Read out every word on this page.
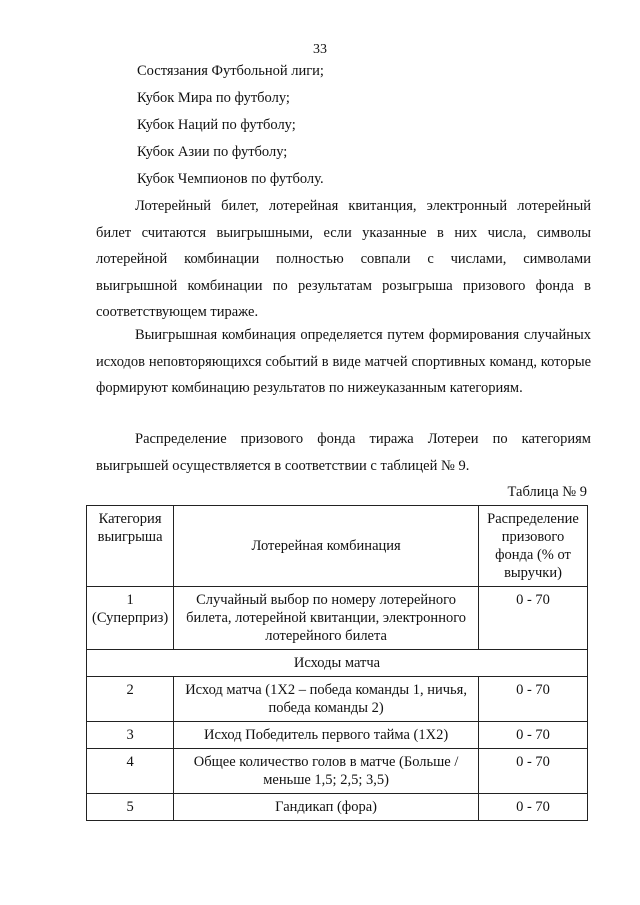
33
Состязания Футбольной лиги;
Кубок Мира по футболу;
Кубок Наций по футболу;
Кубок Азии по футболу;
Кубок Чемпионов по футболу.
Лотерейный билет, лотерейная квитанция, электронный лотерейный билет считаются выигрышными, если указанные в них числа, символы лотерейной комбинации полностью совпали с числами, символами выигрышной комбинации по результатам розыгрыша призового фонда в соответствующем тираже.
Выигрышная комбинация определяется путем формирования случайных исходов неповторяющихся событий в виде матчей спортивных команд, которые формируют комбинацию результатов по нижеуказанным категориям.
Распределение призового фонда тиража Лотереи по категориям выигрышей осуществляется в соответствии с таблицей № 9.
Таблица № 9
Категория выигрыша	Лотерейная комбинация	Распределение призового фонда (% от выручки)
1 (Суперприз)	Случайный выбор по номеру лотерейного билета, лотерейной квитанции, электронного лотерейного билета	0 - 70
Исходы матча		
2	Исход матча (1X2 – победа команды 1, ничья, победа команды 2)	0 - 70
3	Исход Победитель первого тайма (1X2)	0 - 70
4	Общее количество голов в матче (Больше / меньше 1,5; 2,5; 3,5)	0 - 70
5	Гандикап (фора)	0 - 70
